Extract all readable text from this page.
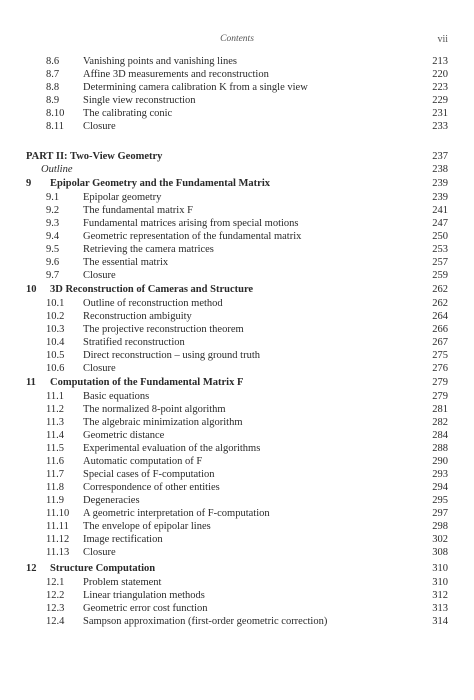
Contents	vii
8.6 Vanishing points and vanishing lines	213
8.7 Affine 3D measurements and reconstruction	220
8.8 Determining camera calibration K from a single view	223
8.9 Single view reconstruction	229
8.10 The calibrating conic	231
8.11 Closure	233
PART II: Two-View Geometry	237
Outline	238
9 Epipolar Geometry and the Fundamental Matrix	239
9.1 Epipolar geometry	239
9.2 The fundamental matrix F	241
9.3 Fundamental matrices arising from special motions	247
9.4 Geometric representation of the fundamental matrix	250
9.5 Retrieving the camera matrices	253
9.6 The essential matrix	257
9.7 Closure	259
10 3D Reconstruction of Cameras and Structure	262
10.1 Outline of reconstruction method	262
10.2 Reconstruction ambiguity	264
10.3 The projective reconstruction theorem	266
10.4 Stratified reconstruction	267
10.5 Direct reconstruction – using ground truth	275
10.6 Closure	276
11 Computation of the Fundamental Matrix F	279
11.1 Basic equations	279
11.2 The normalized 8-point algorithm	281
11.3 The algebraic minimization algorithm	282
11.4 Geometric distance	284
11.5 Experimental evaluation of the algorithms	288
11.6 Automatic computation of F	290
11.7 Special cases of F-computation	293
11.8 Correspondence of other entities	294
11.9 Degeneracies	295
11.10 A geometric interpretation of F-computation	297
11.11 The envelope of epipolar lines	298
11.12 Image rectification	302
11.13 Closure	308
12 Structure Computation	310
12.1 Problem statement	310
12.2 Linear triangulation methods	312
12.3 Geometric error cost function	313
12.4 Sampson approximation (first-order geometric correction)	314
